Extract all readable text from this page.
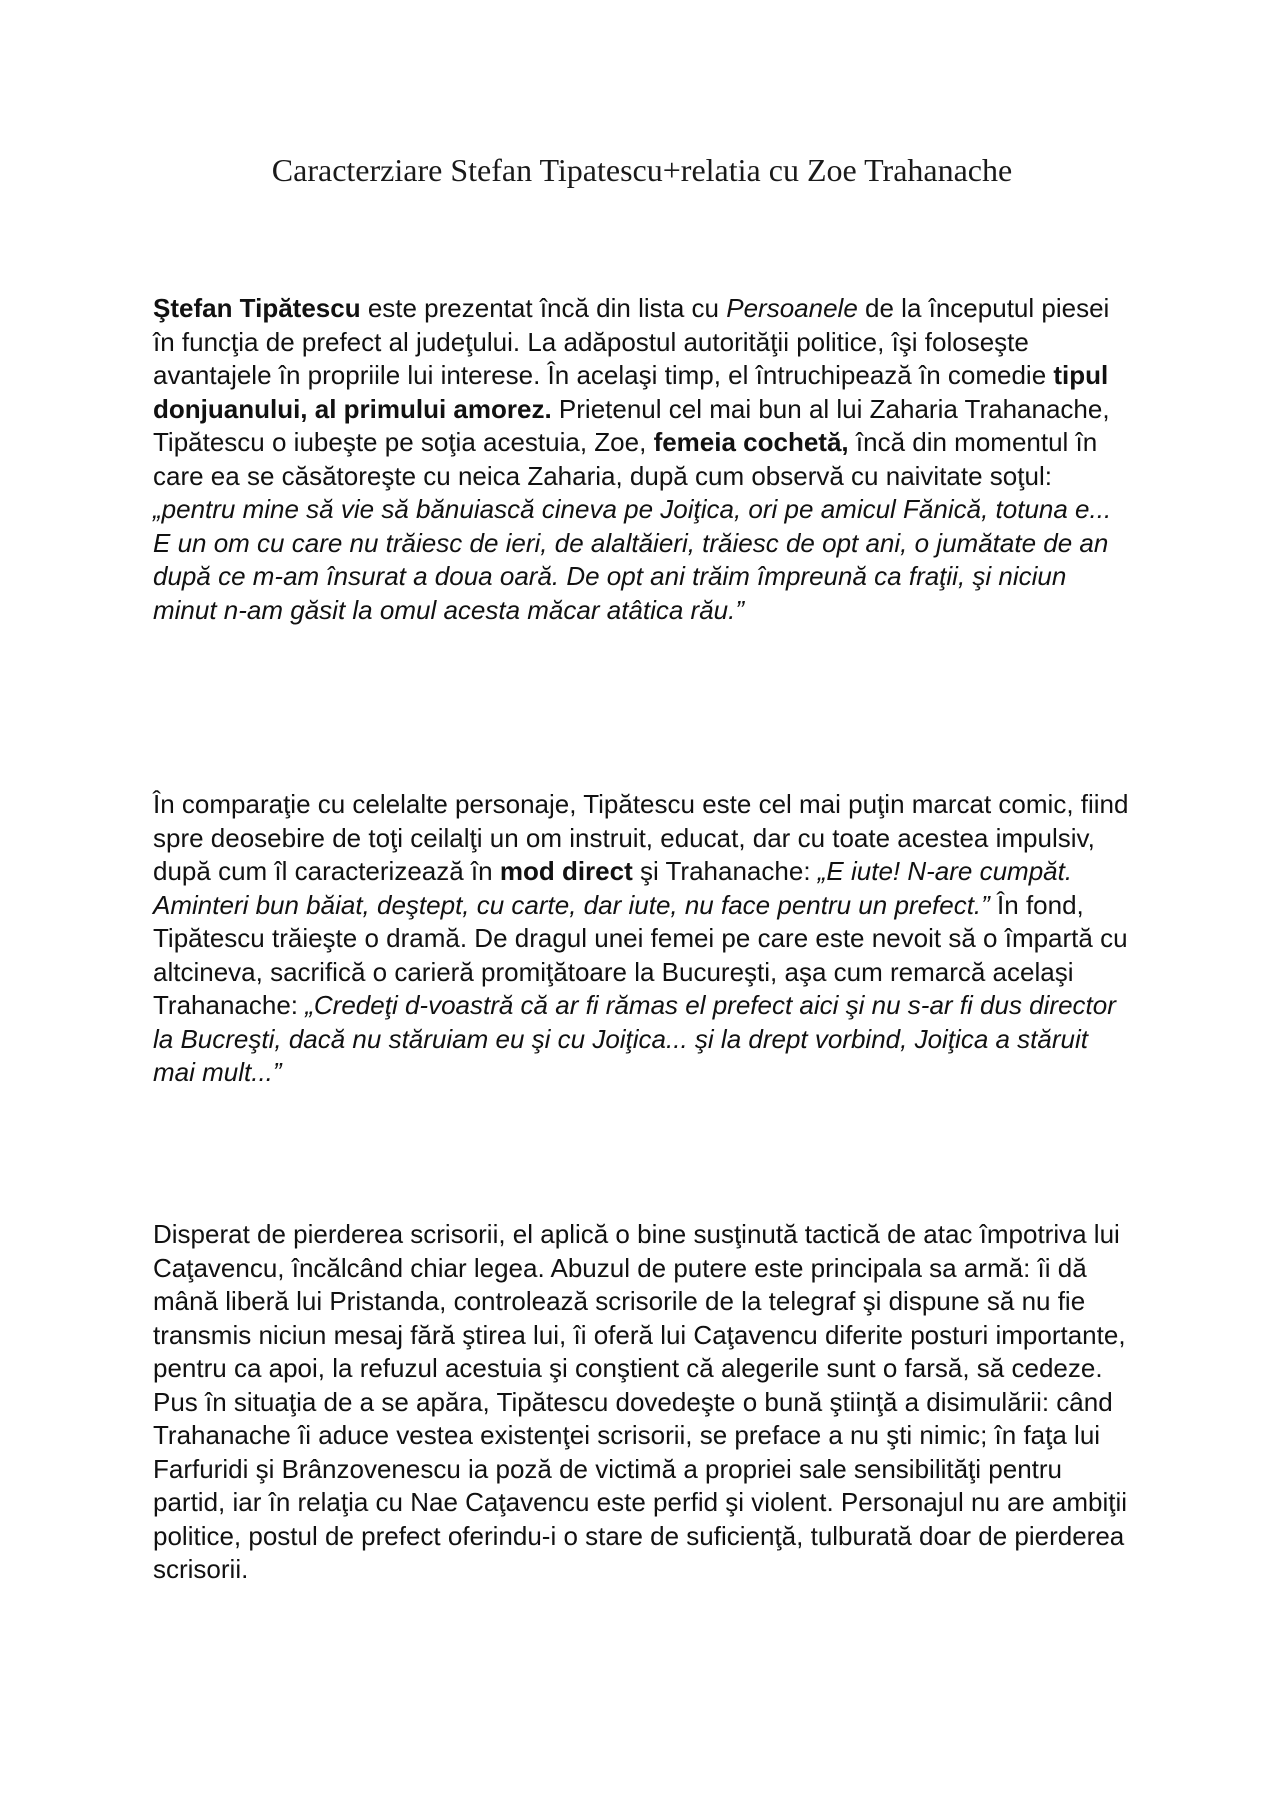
Caracterziare Stefan Tipatescu+relatia cu Zoe Trahanache

Ştefan Tipătescu este prezentat încă din lista cu Persoanele de la începutul piesei în funcţia de prefect al judeţului. La adăpostul autorităţii politice, îşi foloseşte avantajele în propriile lui interese. În acelaşi timp, el întruchipează în comedie tipul donjuanului, al primului amorez. Prietenul cel mai bun al lui Zaharia Trahanache, Tipătescu o iubeşte pe soţia acestuia, Zoe, femeia cochetă, încă din momentul în care ea se căsătoreşte cu neica Zaharia, după cum observă cu naivitate soţul: „pentru mine să vie să bănuiască cineva pe Joiţica, ori pe amicul Fănică, totuna e... E un om cu care nu trăiesc de ieri, de alaltăieri, trăiesc de opt ani, o jumătate de an după ce m-am însurat a doua oară. De opt ani trăim împreună ca fraţii, şi niciun minut n-am găsit la omul acesta măcar atâtica rău.”

În comparaţie cu celelalte personaje, Tipătescu este cel mai puţin marcat comic, fiind spre deosebire de toţi ceilalţi un om instruit, educat, dar cu toate acestea impulsiv, după cum îl caracterizează în mod direct şi Trahanache: „E iute! N-are cumpăt. Aminteri bun băiat, deştept, cu carte, dar iute, nu face pentru un prefect.” În fond, Tipătescu trăieşte o dramă. De dragul unei femei pe care este nevoit să o împartă cu altcineva, sacrifică o carieră promiţătoare la Bucureşti, aşa cum remarcă acelaşi Trahanache: „Credeţi d-voastră că ar fi rămas el prefect aici şi nu s-ar fi dus director la Bucreşti, dacă nu stăruiam eu şi cu Joiţica... şi la drept vorbind, Joiţica a stăruit mai mult...”

Disperat de pierderea scrisorii, el aplică o bine susţinută tactică de atac împotriva lui Caţavencu, încălcând chiar legea. Abuzul de putere este principala sa armă: îi dă mână liberă lui Pristanda, controlează scrisorile de la telegraf şi dispune să nu fie transmis niciun mesaj fără ştirea lui, îi oferă lui Caţavencu diferite posturi importante, pentru ca apoi, la refuzul acestuia şi conştient că alegerile sunt o farsă, să cedeze. Pus în situaţia de a se apăra, Tipătescu dovedeşte o bună ştiinţă a disimulării: când Trahanache îi aduce vestea existenţei scrisorii, se preface a nu şti nimic; în faţa lui Farfuridi şi Brânzovenescu ia poză de victimă a propriei sale sensibilităţi pentru partid, iar în relaţia cu Nae Caţavencu este perfid şi violent. Personajul nu are ambiţii politice, postul de prefect oferindu-i o stare de suficienţă, tulburată doar de pierderea scrisorii.
